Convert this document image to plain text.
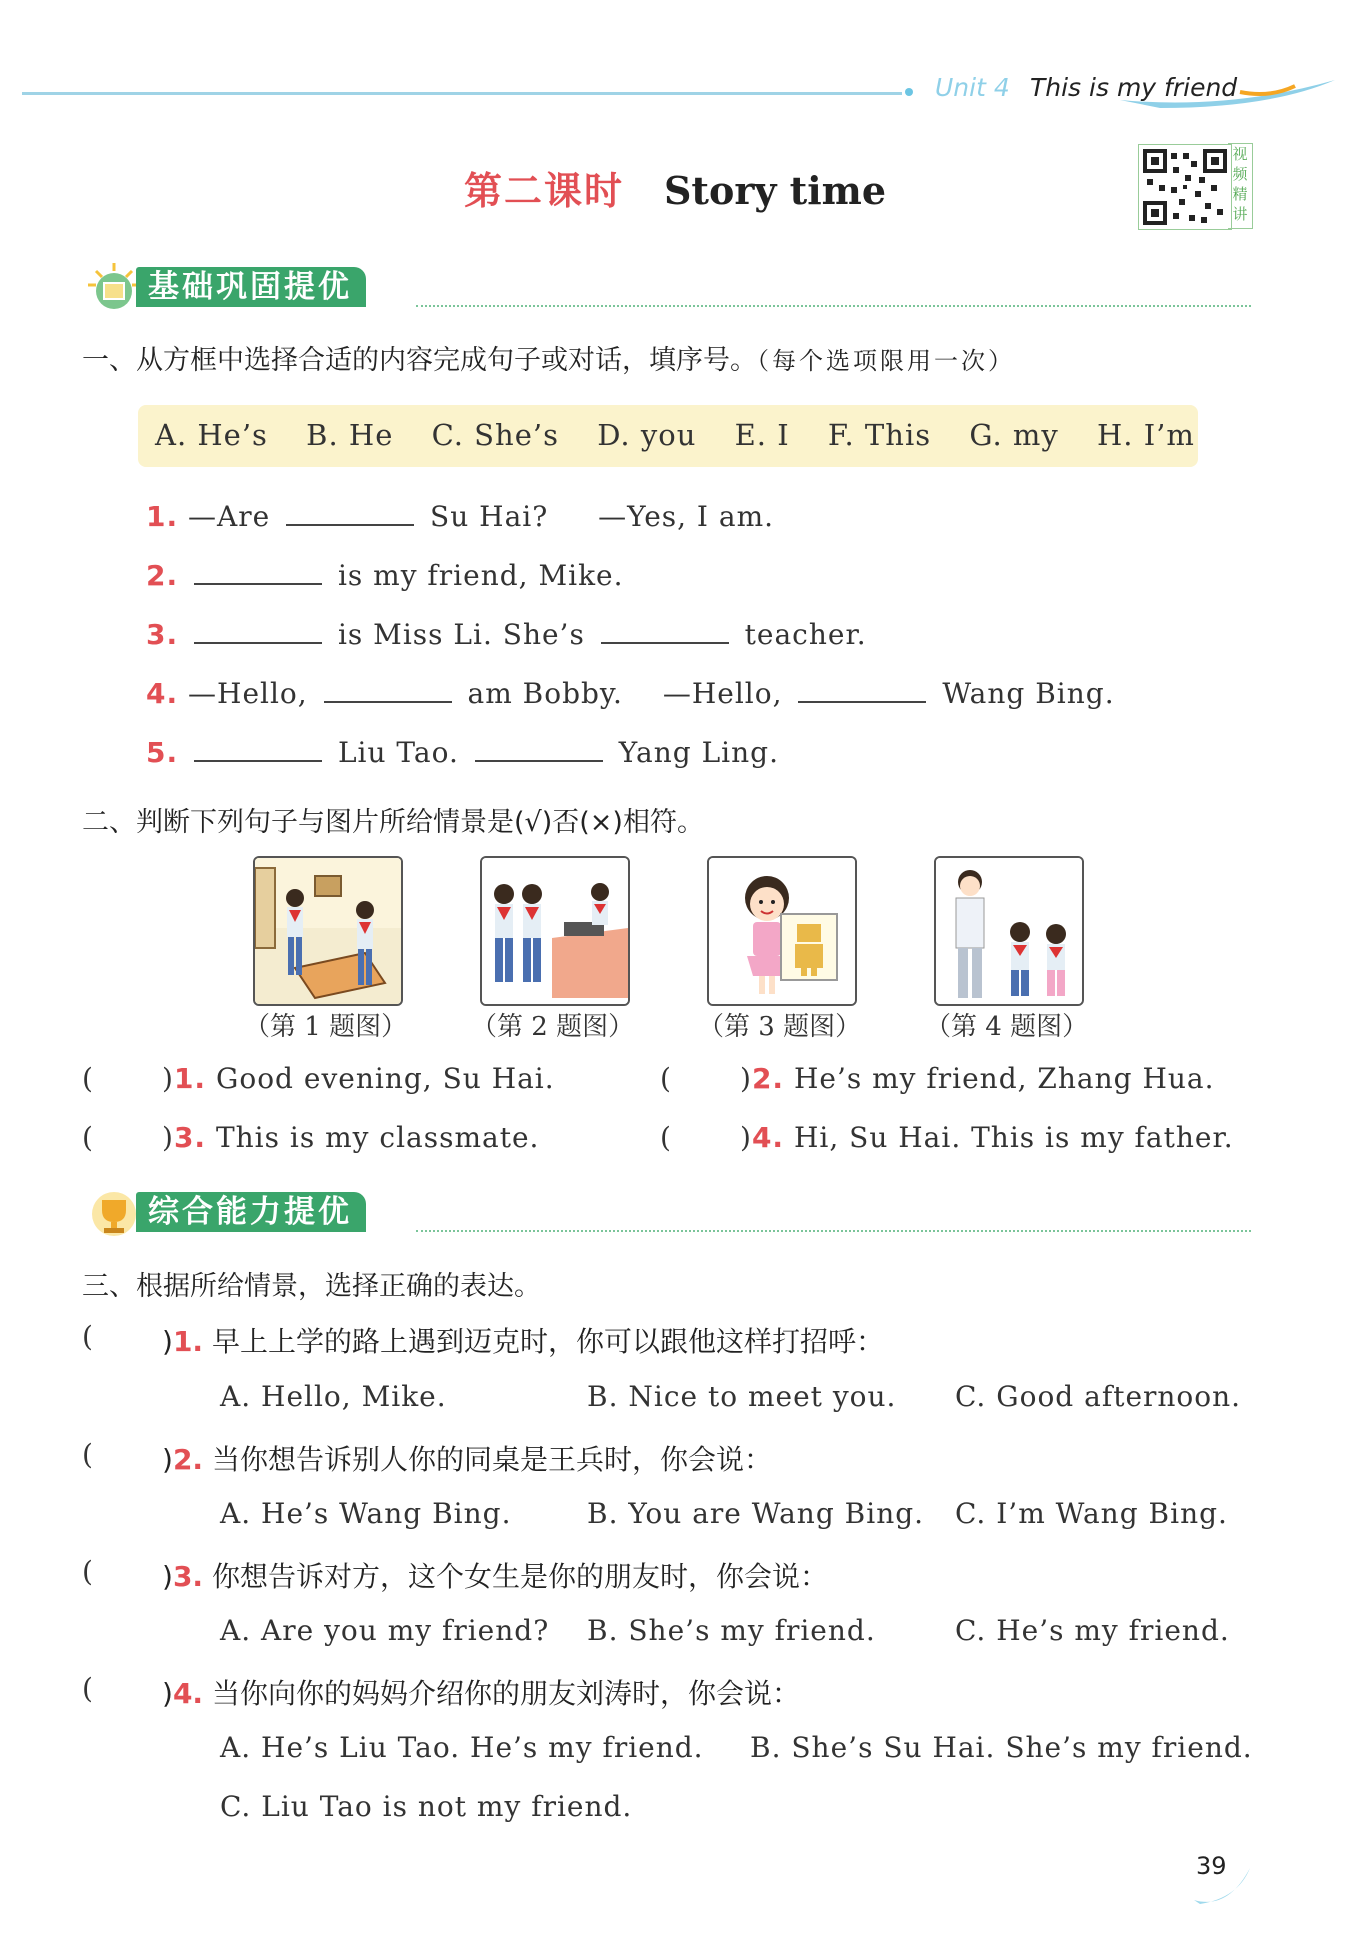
Unit 4 This is my friend
第二课时 Story time
视频精讲
基础巩固提优
一、从方框中选择合适的内容完成句子或对话，填序号。（每个选项限用一次）
A. He’s B. He C. She’s D. you E. I F. This G. my H. I’m
1. —Are	Su Hai? —Yes, I am.
2.	is my friend, Mike.
3.	is Miss Li. She’s	teacher.
4. —Hello,	am Bobby. —Hello,	Wang Bing.
5.	Liu Tao.	Yang Ling.
二、判断下列句子与图片所给情景是(√)否(×)相符。
（第 1 题图） （第 2 题图） （第 3 题图） （第 4 题图）
( )1. Good evening, Su Hai.	( )2. He’s my friend, Zhang Hua.
( )3. This is my classmate.	( )4. Hi, Su Hai. This is my father.
综合能力提优
三、根据所给情景，选择正确的表达。
( )1. 早上上学的路上遇到迈克时，你可以跟他这样打招呼：
A. Hello, Mike.	B. Nice to meet you. C. Good afternoon.
( )2. 当你想告诉别人你的同桌是王兵时，你会说：
A. He’s Wang Bing.	B. You are Wang Bing. C. I’m Wang Bing.
( )3. 你想告诉对方，这个女生是你的朋友时，你会说：
A. Are you my friend? B. She’s my friend.	C. He’s my friend.
( )4. 当你向你的妈妈介绍你的朋友刘涛时，你会说：
A. He’s Liu Tao. He’s my friend. B. She’s Su Hai. She’s my friend.
C. Liu Tao is not my friend.
39
